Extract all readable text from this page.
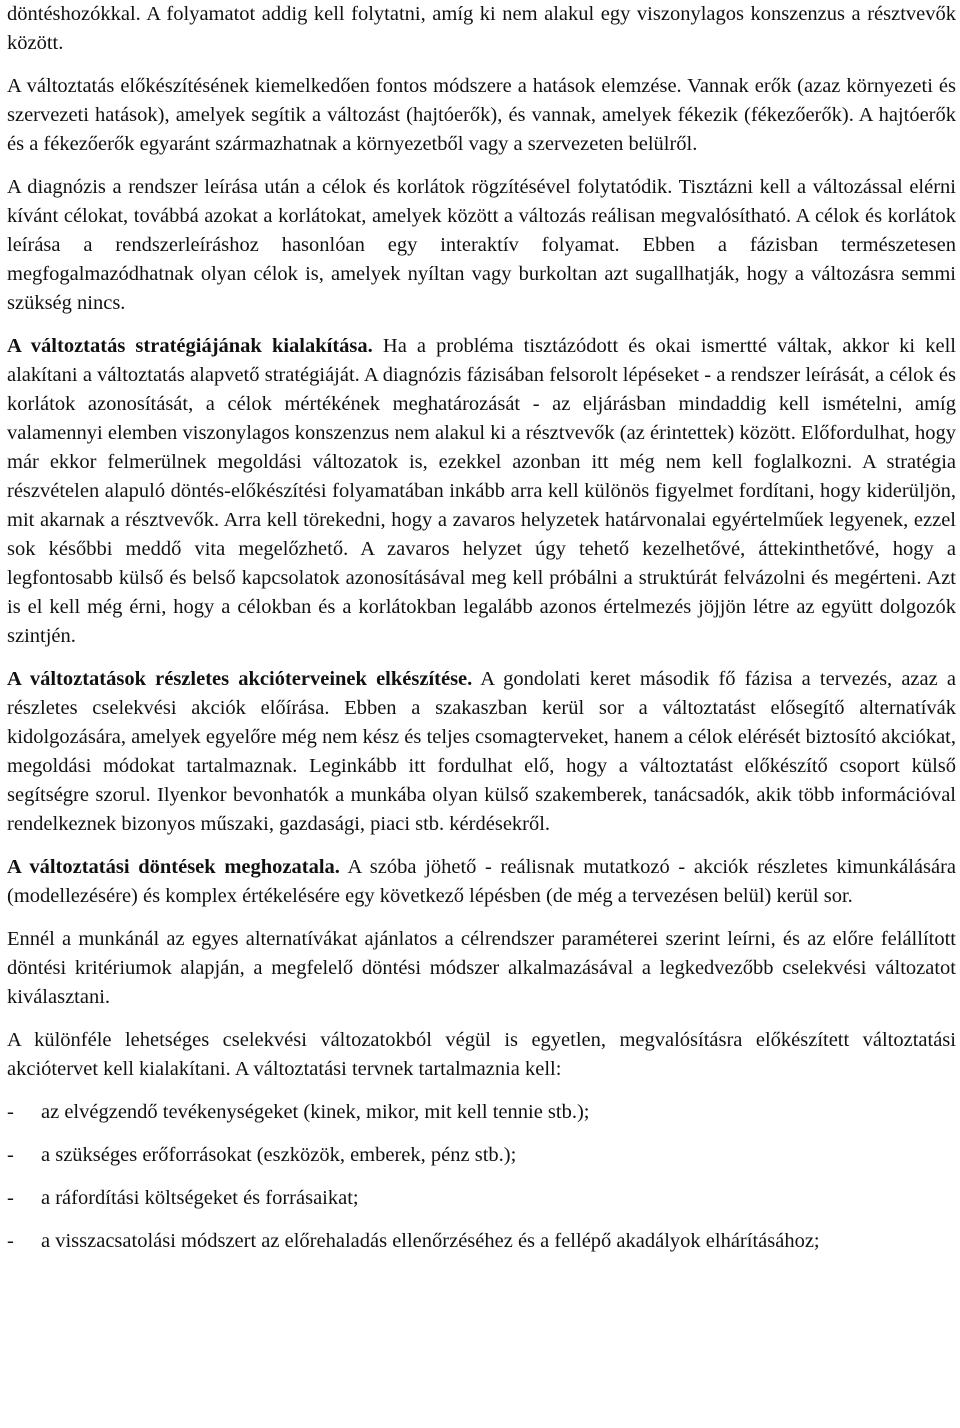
döntéshozókkal. A folyamatot addig kell folytatni, amíg ki nem alakul egy viszonylagos konszenzus a résztvevők között.

A változtatás előkészítésének kiemelkedően fontos módszere a hatások elemzése. Vannak erők (azaz környezeti és szervezeti hatások), amelyek segítik a változást (hajtóerők), és vannak, amelyek fékezik (fékezőerők). A hajtóerők és a fékezőerők egyaránt származhatnak a környezetből vagy a szervezeten belülről.

A diagnózis a rendszer leírása után a célok és korlátok rögzítésével folytatódik. Tisztázni kell a változással elérni kívánt célokat, továbbá azokat a korlátokat, amelyek között a változás reálisan megvalósítható. A célok és korlátok leírása a rendszerleíráshoz hasonlóan egy interaktív folyamat. Ebben a fázisban természetesen megfogalmazódhatnak olyan célok is, amelyek nyíltan vagy burkoltan azt sugallhatják, hogy a változásra semmi szükség nincs.

A változtatás stratégiájának kialakítása. Ha a probléma tisztázódott és okai ismertté váltak, akkor ki kell alakítani a változtatás alapvető stratégiáját. A diagnózis fázisában felsorolt lépéseket - a rendszer leírását, a célok és korlátok azonosítását, a célok mértékének meghatározását - az eljárásban mindaddig kell ismételni, amíg valamennyi elemben viszonylagos konszenzus nem alakul ki a résztvevők (az érintettek) között. Előfordulhat, hogy már ekkor felmerülnek megoldási változatok is, ezekkel azonban itt még nem kell foglalkozni. A stratégia részvételen alapuló döntés-előkészítési folyamatában inkább arra kell különös figyelmet fordítani, hogy kiderüljön, mit akarnak a résztvevők. Arra kell törekedni, hogy a zavaros helyzetek határvonalai egyértelműek legyenek, ezzel sok későbbi meddő vita megelőzhető. A zavaros helyzet úgy tehető kezelhetővé, áttekinthetővé, hogy a legfontosabb külső és belső kapcsolatok azonosításával meg kell próbálni a struktúrát felvázolni és megérteni. Azt is el kell még érni, hogy a célokban és a korlátokban legalább azonos értelmezés jöjjön létre az együtt dolgozók szintjén.

A változtatások részletes akcióterveinek elkészítése. A gondolati keret második fő fázisa a tervezés, azaz a részletes cselekvési akciók előírása. Ebben a szakaszban kerül sor a változtatást elősegítő alternatívák kidolgozására, amelyek egyelőre még nem kész és teljes csomagterveket, hanem a célok elérését biztosító akciókat, megoldási módokat tartalmaznak. Leginkább itt fordulhat elő, hogy a változtatást előkészítő csoport külső segítségre szorul. Ilyenkor bevonhatók a munkába olyan külső szakemberek, tanácsadók, akik több információval rendelkeznek bizonyos műszaki, gazdasági, piaci stb. kérdésekről.

A változtatási döntések meghozatala. A szóba jöhető - reálisnak mutatkozó - akciók részletes kimunkálására (modellezésére) és komplex értékelésére egy következő lépésben (de még a tervezésen belül) kerül sor.

Ennél a munkánál az egyes alternatívákat ajánlatos a célrendszer paraméterei szerint leírni, és az előre felállított döntési kritériumok alapján, a megfelelő döntési módszer alkalmazásával a legkedvezőbb cselekvési változatot kiválasztani.

A különféle lehetséges cselekvési változatokból végül is egyetlen, megvalósításra előkészített változtatási akciótervet kell kialakítani. A változtatási tervnek tartalmaznia kell:

-	az elvégzendő tevékenységeket (kinek, mikor, mit kell tennie stb.);
-	a szükséges erőforrásokat (eszközök, emberek, pénz stb.);
-	a ráfordítási költségeket és forrásaikat;
-	a visszacsatolási módszert az előrehaladás ellenőrzéséhez és a fellépő akadályok elhárításához;
